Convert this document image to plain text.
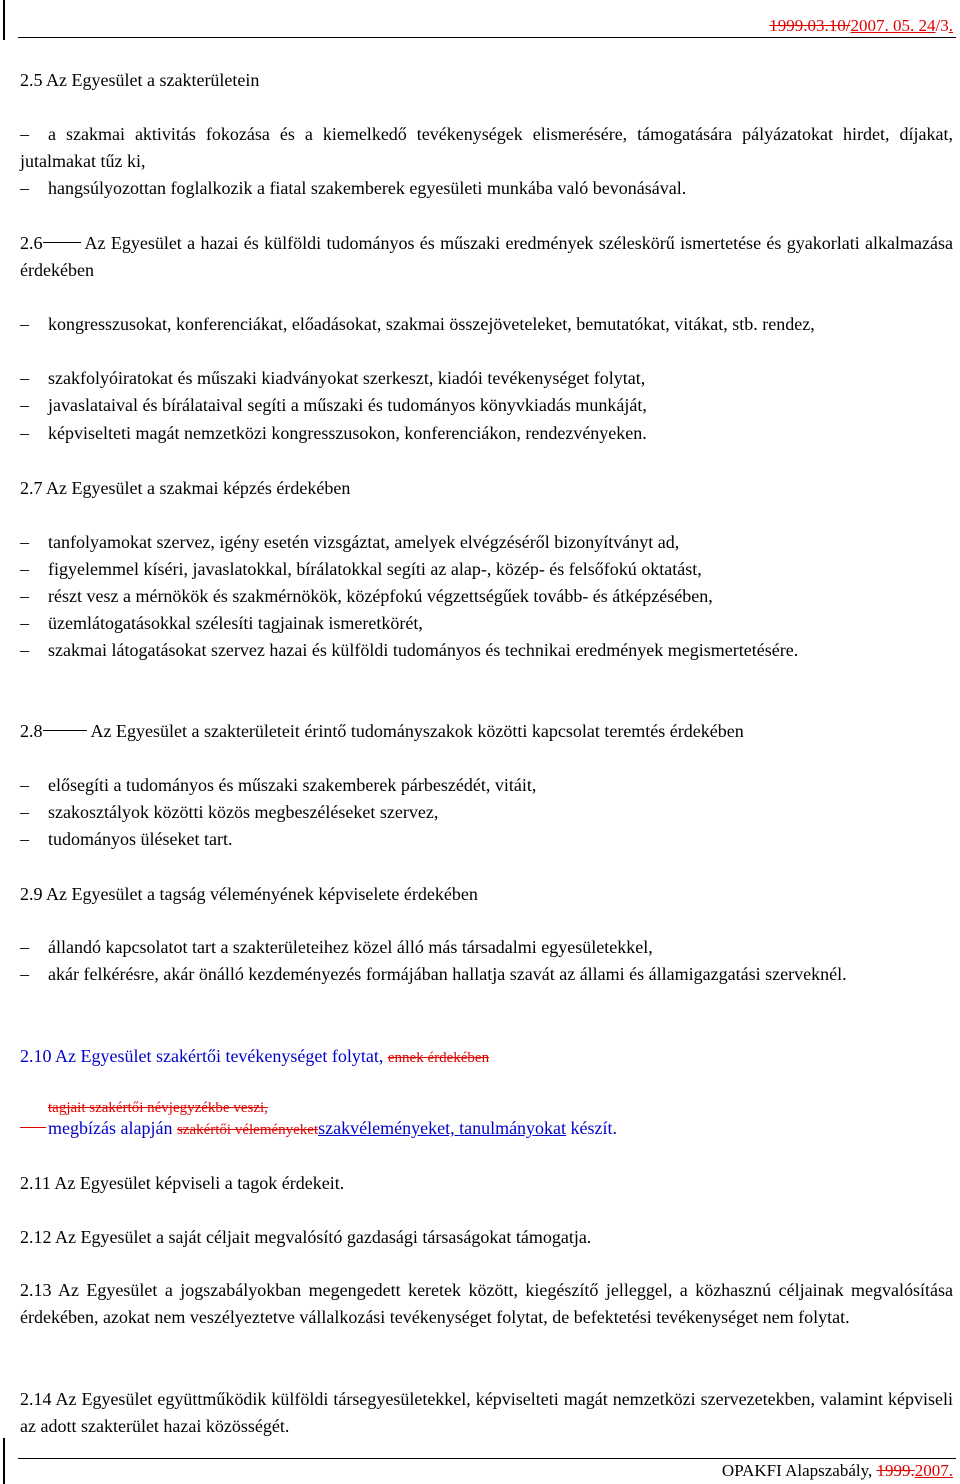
1999.03.10/2007. 05. 24/3.
2.5 Az Egyesület a szakterületein
– a szakmai aktivitás fokozása és a kiemelkedő tevékenységek elismerésére, támogatására pályázatokat hirdet, díjakat, jutalmakat tűz ki,
– hangsúlyozottan foglalkozik a fiatal szakemberek egyesületi munkába való bevonásával.
2.6 Az Egyesület a hazai és külföldi tudományos és műszaki eredmények széleskörű ismertetése és gyakorlati alkalmazása érdekében
– kongresszusokat, konferenciákat, előadásokat, szakmai összejöveteleket, bemutatókat, vitákat, stb. rendez,
– szakfolyóiratokat és műszaki kiadványokat szerkeszt, kiadói tevékenységet folytat,
– javaslataival és bírálataival segíti a műszaki és tudományos könyvkiadás munkáját,
– képviselteti magát nemzetközi kongresszusokon, konferenciákon, rendezvényeken.
2.7 Az Egyesület a szakmai képzés érdekében
– tanfolyamokat szervez, igény esetén vizsgáztat, amelyek elvégzéséről bizonyítványt ad,
– figyelemmel kíséri, javaslatokkal, bírálatokkal segíti az alap-, közép- és felsőfokú oktatást,
– részt vesz a mérnökök és szakmérnökök, középfokú végzettségűek tovább- és átképzésében,
– üzemlátogatásokkal szélesíti tagjainak ismeretkörét,
– szakmai látogatásokat szervez hazai és külföldi tudományos és technikai eredmények megismertetésére.
2.8	Az Egyesület a szakterületeit érintő tudományszakok közötti kapcsolat teremtés érdekében
– elősegíti a tudományos és műszaki szakemberek párbeszédét, vitáit,
– szakosztályok közötti közös megbeszéléseket szervez,
– tudományos üléseket tart.
2.9 Az Egyesület a tagság véleményének képviselete érdekében
– állandó kapcsolatot tart a szakterületeihez közel álló más társadalmi egyesületekkel,
– akár felkérésre, akár önálló kezdeményezés formájában hallatja szavát az állami és államigazgatási szerveknél.
2.10 Az Egyesület szakértői tevékenységet folytat, ennek érdekében
tagjait szakértői névjegyzékbe veszi,
megbízás alapján szakértői véleményeketszakvéleményeket, tanulmányokat készít.
2.11 Az Egyesület képviseli a tagok érdekeit.
2.12 Az Egyesület a saját céljait megvalósító gazdasági társaságokat támogatja.
2.13 Az Egyesület a jogszabályokban megengedett keretek között, kiegészítő jelleggel, a közhasznú céljainak megvalósítása érdekében, azokat nem veszélyeztetve vállalkozási tevékenységet folytat, de befektetési tevékenységet nem folytat.
2.14 Az Egyesület együttműködik külföldi társegyesületekkel, képviselteti magát nemzetközi szervezetekben, valamint képviseli az adott szakterület hazai közösségét.
OPAKFI Alapszabály, 1999.2007.
